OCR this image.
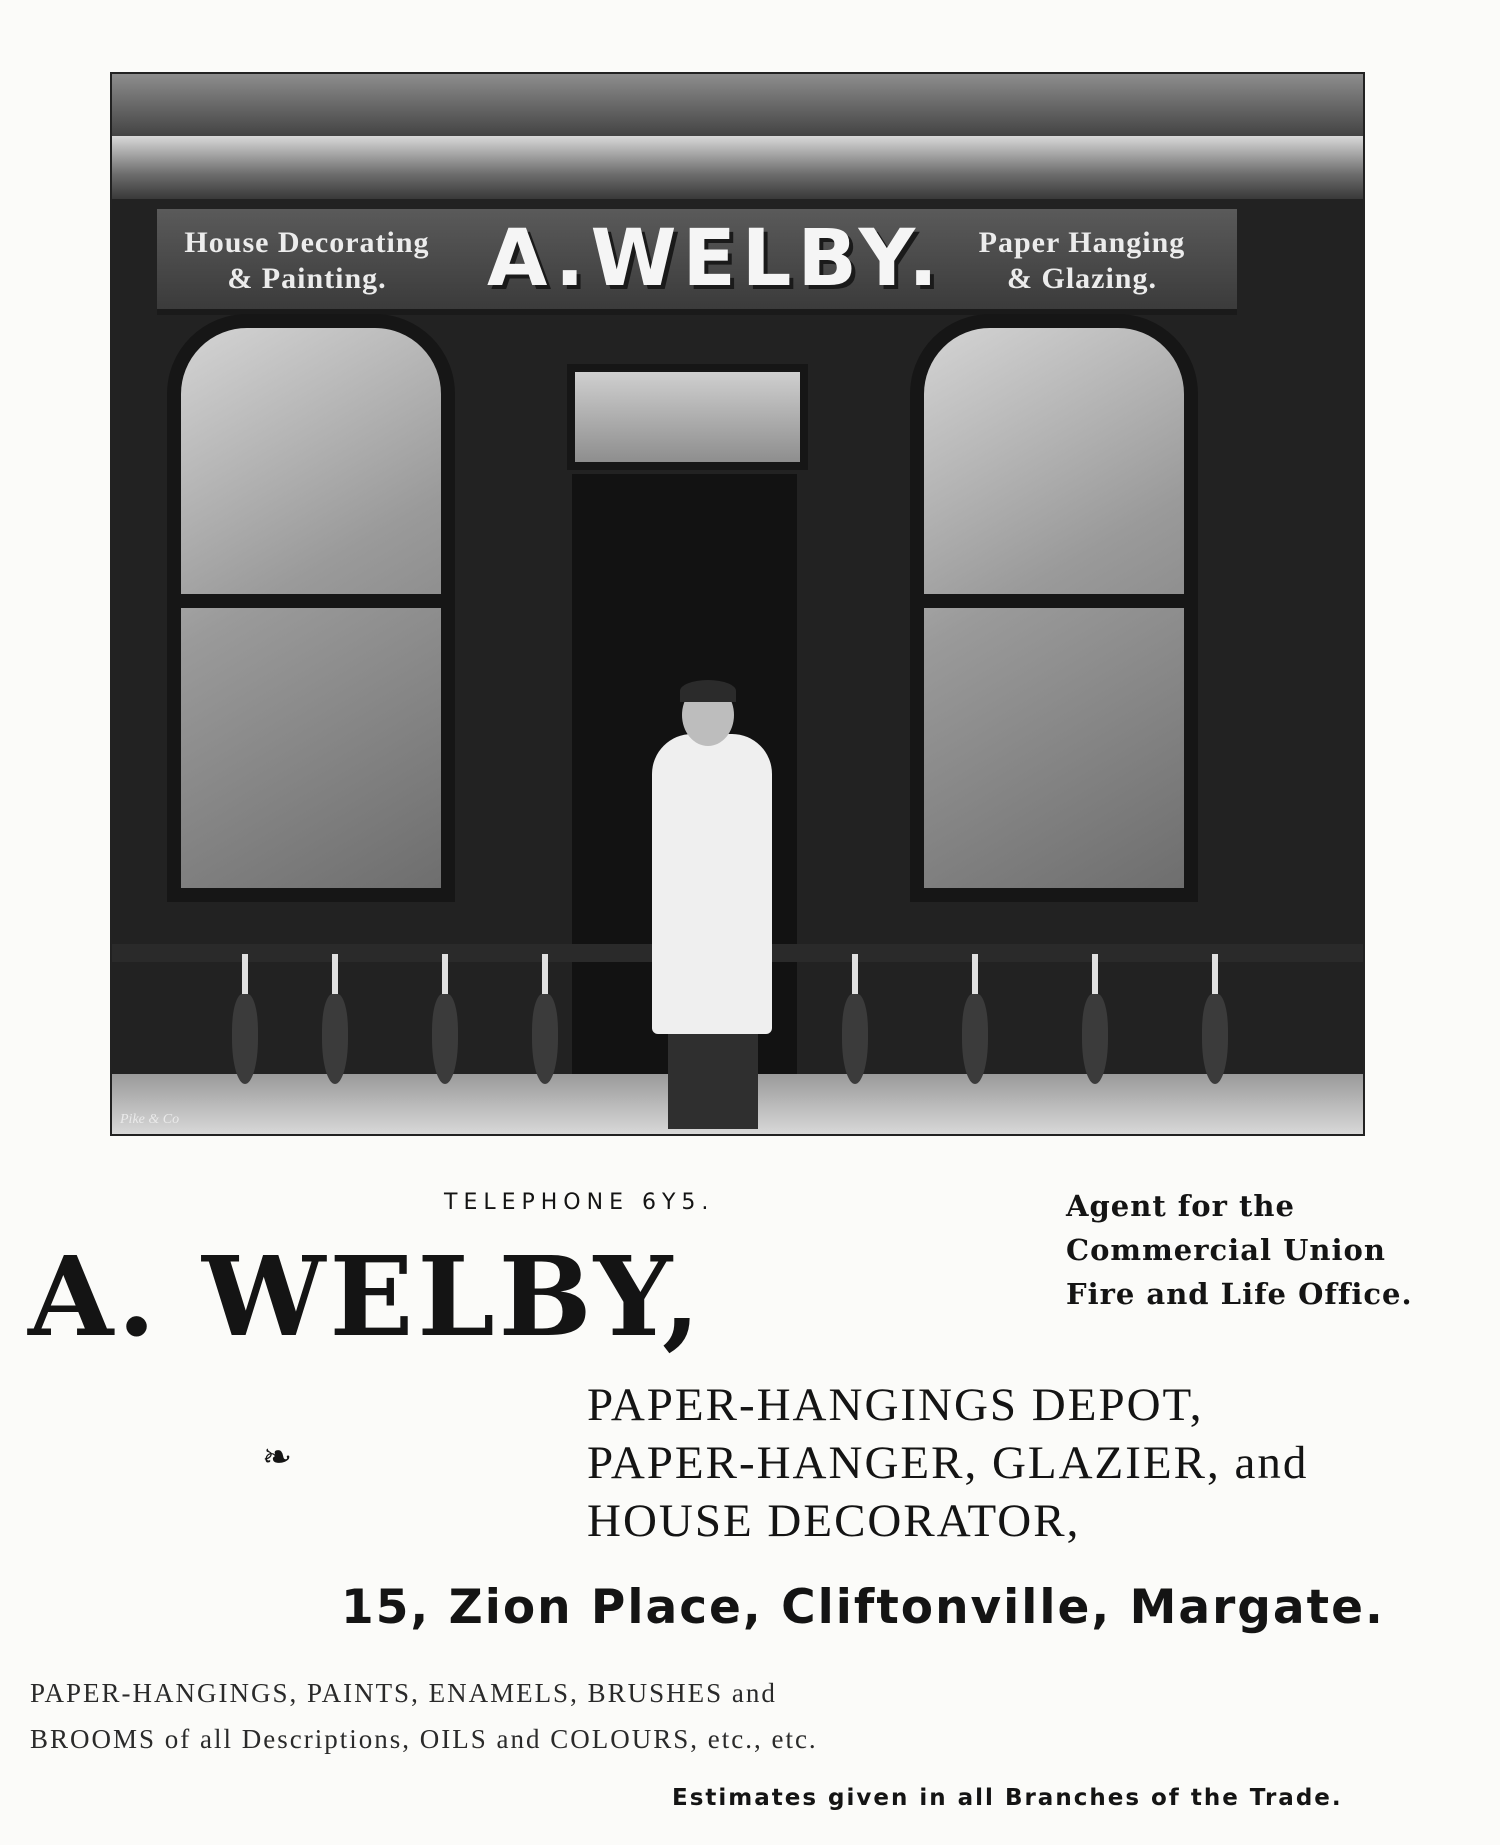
House Decorating
& Painting.	A.WELBY.	Paper Hanging
& Glazing.
Pike & Co
TELEPHONE 6Y5.	Agent for the
Commercial Union
Fire and Life Office.
A. WELBY,
❧
PAPER-HANGINGS DEPOT,
PAPER-HANGER, GLAZIER, and
HOUSE DECORATOR,
15, Zion Place, Cliftonville, Margate.
PAPER-HANGINGS, PAINTS, ENAMELS, BRUSHES and
BROOMS of all Descriptions, OILS and COLOURS, etc., etc.
Estimates given in all Branches of the Trade.
